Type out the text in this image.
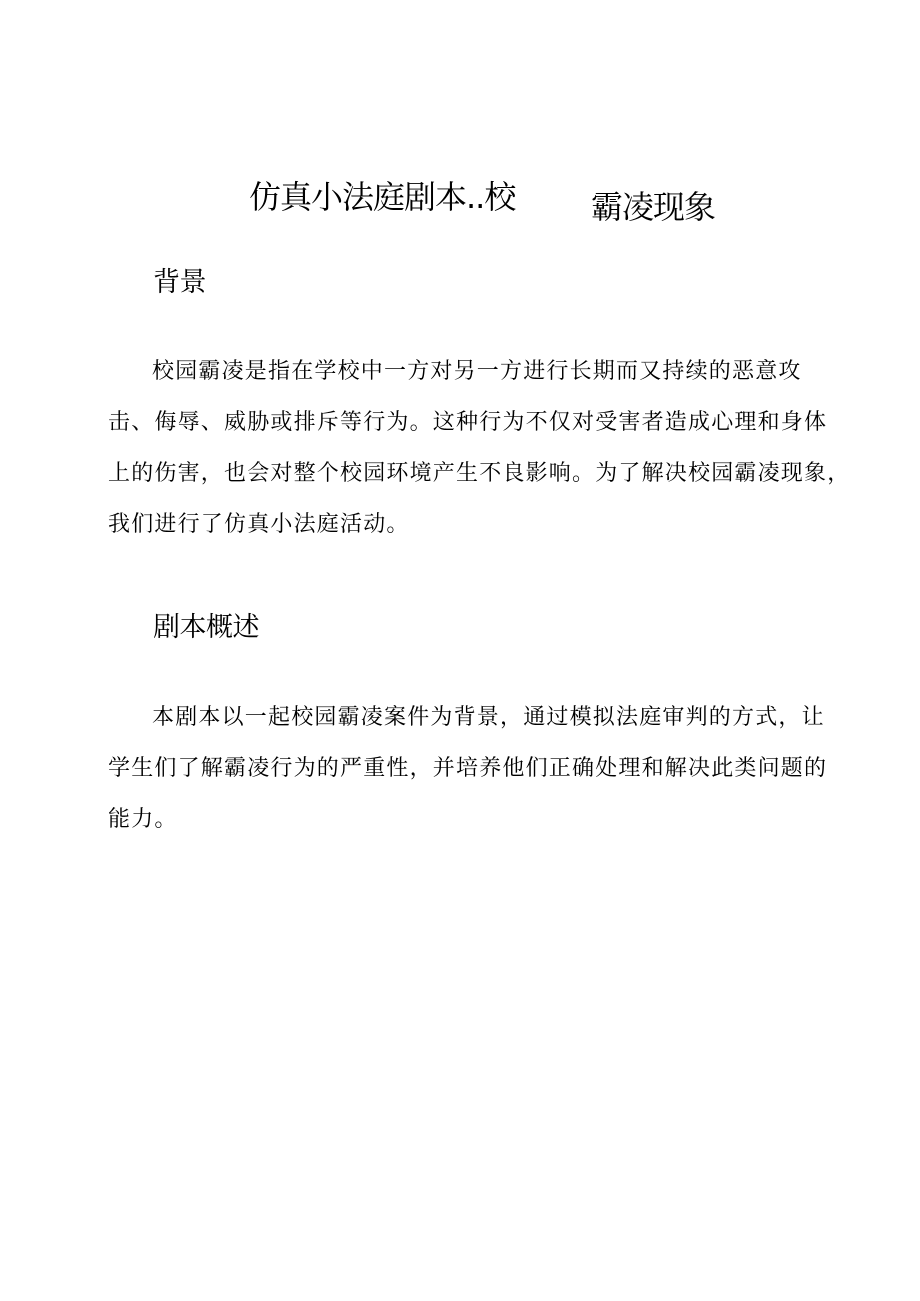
仿真小法庭剧本..校 霸凌现象
背景
校园霸凌是指在学校中一方对另一方进行长期而又持续的恶意攻
击、侮辱、威胁或排斥等行为。这种行为不仅对受害者造成心理和身体
上的伤害，也会对整个校园环境产生不良影响。为了解决校园霸凌现象，
我们进行了仿真小法庭活动。
剧本概述
本剧本以一起校园霸凌案件为背景，通过模拟法庭审判的方式，让
学生们了解霸凌行为的严重性，并培养他们正确处理和解决此类问题的
能力。
